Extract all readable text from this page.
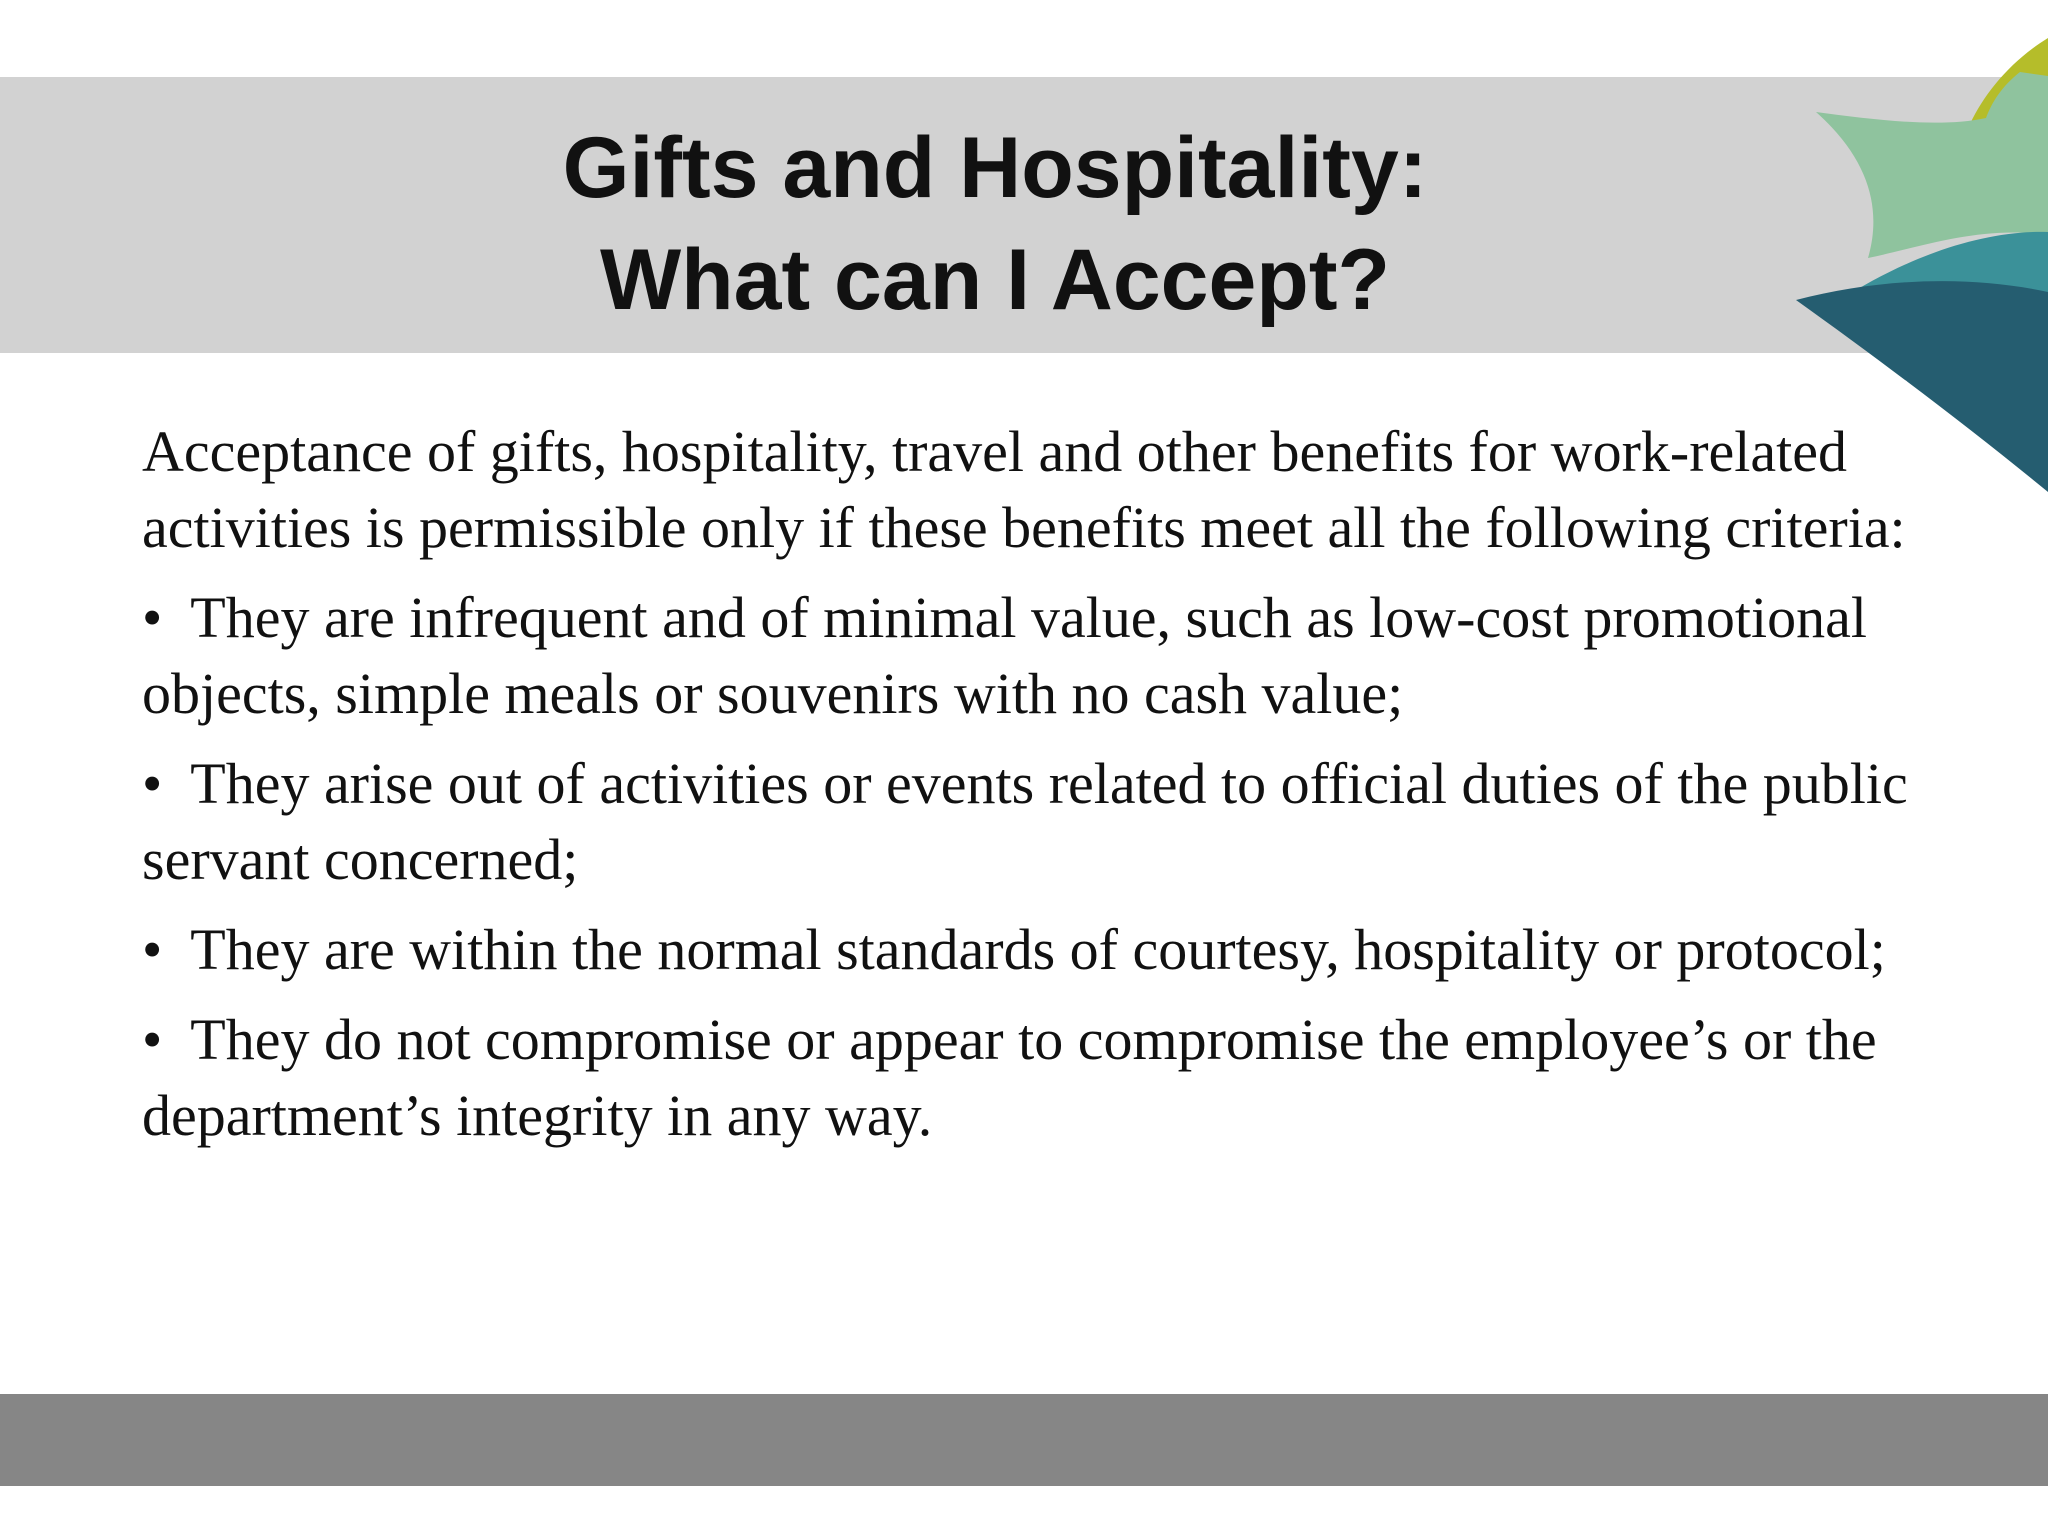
Gifts and Hospitality:
What can I Accept?

Acceptance of gifts, hospitality, travel and other benefits for work-related activities is permissible only if these benefits meet all the following criteria:

• They are infrequent and of minimal value, such as low-cost promotional objects, simple meals or souvenirs with no cash value;

• They arise out of activities or events related to official duties of the public servant concerned;

• They are within the normal standards of courtesy, hospitality or protocol;

• They do not compromise or appear to compromise the employee’s or the department’s integrity in any way.
